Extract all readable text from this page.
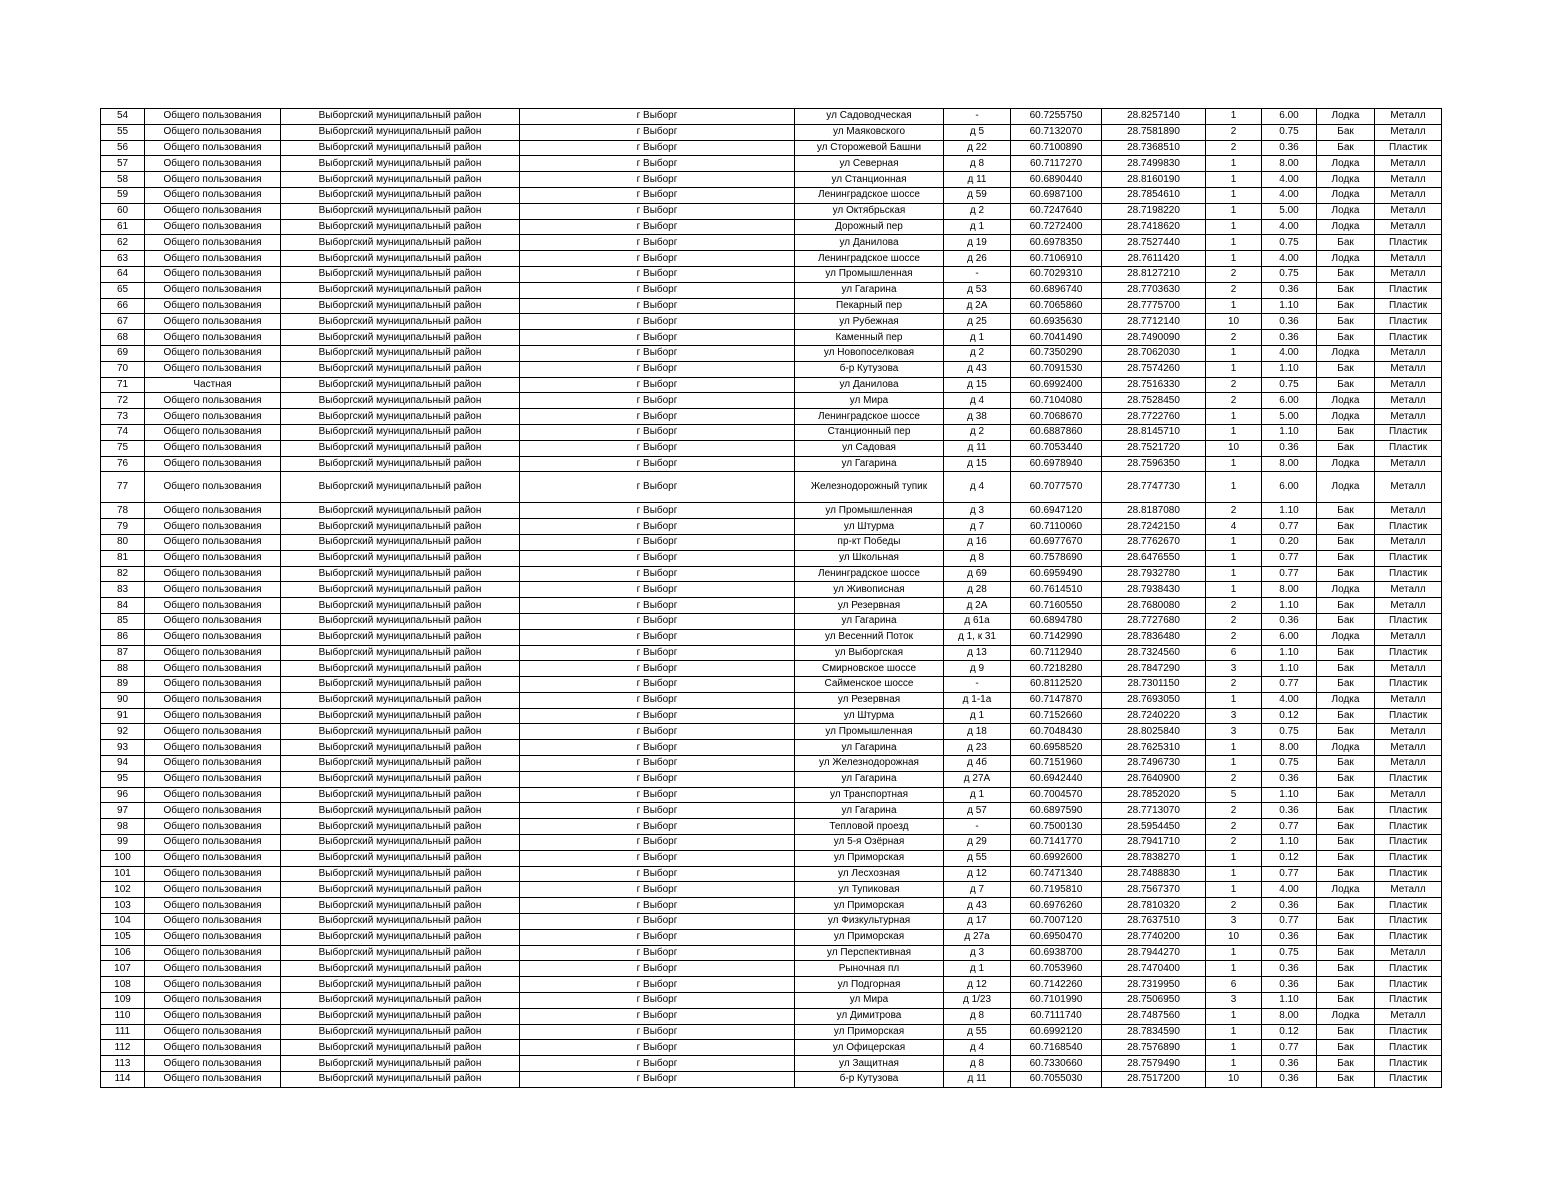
54	Общего пользования	Выборгский муниципальный район	г Выборг	ул Садоводческая	-	60.7255750	28.8257140	1	6.00	Лодка	Металл
55	Общего пользования	Выборгский муниципальный район	г Выборг	ул Маяковского	д 5	60.7132070	28.7581890	2	0.75	Бак	Металл
56	Общего пользования	Выборгский муниципальный район	г Выборг	ул Сторожевой Башни	д 22	60.7100890	28.7368510	2	0.36	Бак	Пластик
57	Общего пользования	Выборгский муниципальный район	г Выборг	ул Северная	д 8	60.7117270	28.7499830	1	8.00	Лодка	Металл
58	Общего пользования	Выборгский муниципальный район	г Выборг	ул Станционная	д 11	60.6890440	28.8160190	1	4.00	Лодка	Металл
59	Общего пользования	Выборгский муниципальный район	г Выборг	Ленинградское шоссе	д 59	60.6987100	28.7854610	1	4.00	Лодка	Металл
60	Общего пользования	Выборгский муниципальный район	г Выборг	ул Октябрьская	д 2	60.7247640	28.7198220	1	5.00	Лодка	Металл
61	Общего пользования	Выборгский муниципальный район	г Выборг	Дорожный пер	д 1	60.7272400	28.7418620	1	4.00	Лодка	Металл
62	Общего пользования	Выборгский муниципальный район	г Выборг	ул Данилова	д 19	60.6978350	28.7527440	1	0.75	Бак	Пластик
63	Общего пользования	Выборгский муниципальный район	г Выборг	Ленинградское шоссе	д 26	60.7106910	28.7611420	1	4.00	Лодка	Металл
64	Общего пользования	Выборгский муниципальный район	г Выборг	ул Промышленная	-	60.7029310	28.8127210	2	0.75	Бак	Металл
65	Общего пользования	Выборгский муниципальный район	г Выборг	ул Гагарина	д 53	60.6896740	28.7703630	2	0.36	Бак	Пластик
66	Общего пользования	Выборгский муниципальный район	г Выборг	Пекарный пер	д 2А	60.7065860	28.7775700	1	1.10	Бак	Пластик
67	Общего пользования	Выборгский муниципальный район	г Выборг	ул Рубежная	д 25	60.6935630	28.7712140	10	0.36	Бак	Пластик
68	Общего пользования	Выборгский муниципальный район	г Выборг	Каменный пер	д 1	60.7041490	28.7490090	2	0.36	Бак	Пластик
69	Общего пользования	Выборгский муниципальный район	г Выборг	ул Новопоселковая	д 2	60.7350290	28.7062030	1	4.00	Лодка	Металл
70	Общего пользования	Выборгский муниципальный район	г Выборг	б-р Кутузова	д 43	60.7091530	28.7574260	1	1.10	Бак	Металл
71	Частная	Выборгский муниципальный район	г Выборг	ул Данилова	д 15	60.6992400	28.7516330	2	0.75	Бак	Металл
72	Общего пользования	Выборгский муниципальный район	г Выборг	ул Мира	д 4	60.7104080	28.7528450	2	6.00	Лодка	Металл
73	Общего пользования	Выборгский муниципальный район	г Выборг	Ленинградское шоссе	д 38	60.7068670	28.7722760	1	5.00	Лодка	Металл
74	Общего пользования	Выборгский муниципальный район	г Выборг	Станционный пер	д 2	60.6887860	28.8145710	1	1.10	Бак	Пластик
75	Общего пользования	Выборгский муниципальный район	г Выборг	ул Садовая	д 11	60.7053440	28.7521720	10	0.36	Бак	Пластик
76	Общего пользования	Выборгский муниципальный район	г Выборг	ул Гагарина	д 15	60.6978940	28.7596350	1	8.00	Лодка	Металл
77	Общего пользования	Выборгский муниципальный район	г Выборг	Железнодорожный тупик	д 4	60.7077570	28.7747730	1	6.00	Лодка	Металл
78	Общего пользования	Выборгский муниципальный район	г Выборг	ул Промышленная	д 3	60.6947120	28.8187080	2	1.10	Бак	Металл
79	Общего пользования	Выборгский муниципальный район	г Выборг	ул Штурма	д 7	60.7110060	28.7242150	4	0.77	Бак	Пластик
80	Общего пользования	Выборгский муниципальный район	г Выборг	пр-кт Победы	д 16	60.6977670	28.7762670	1	0.20	Бак	Металл
81	Общего пользования	Выборгский муниципальный район	г Выборг	ул Школьная	д 8	60.7578690	28.6476550	1	0.77	Бак	Пластик
82	Общего пользования	Выборгский муниципальный район	г Выборг	Ленинградское шоссе	д 69	60.6959490	28.7932780	1	0.77	Бак	Пластик
83	Общего пользования	Выборгский муниципальный район	г Выборг	ул Живописная	д 28	60.7614510	28.7938430	1	8.00	Лодка	Металл
84	Общего пользования	Выборгский муниципальный район	г Выборг	ул Резервная	д 2А	60.7160550	28.7680080	2	1.10	Бак	Металл
85	Общего пользования	Выборгский муниципальный район	г Выборг	ул Гагарина	д 61а	60.6894780	28.7727680	2	0.36	Бак	Пластик
86	Общего пользования	Выборгский муниципальный район	г Выборг	ул Весенний Поток	д 1, к 31	60.7142990	28.7836480	2	6.00	Лодка	Металл
87	Общего пользования	Выборгский муниципальный район	г Выборг	ул Выборгская	д 13	60.7112940	28.7324560	6	1.10	Бак	Пластик
88	Общего пользования	Выборгский муниципальный район	г Выборг	Смирновское шоссе	д 9	60.7218280	28.7847290	3	1.10	Бак	Металл
89	Общего пользования	Выборгский муниципальный район	г Выборг	Сайменское шоссе	-	60.8112520	28.7301150	2	0.77	Бак	Пластик
90	Общего пользования	Выборгский муниципальный район	г Выборг	ул Резервная	д 1-1а	60.7147870	28.7693050	1	4.00	Лодка	Металл
91	Общего пользования	Выборгский муниципальный район	г Выборг	ул Штурма	д 1	60.7152660	28.7240220	3	0.12	Бак	Пластик
92	Общего пользования	Выборгский муниципальный район	г Выборг	ул Промышленная	д 18	60.7048430	28.8025840	3	0.75	Бак	Металл
93	Общего пользования	Выборгский муниципальный район	г Выборг	ул Гагарина	д 23	60.6958520	28.7625310	1	8.00	Лодка	Металл
94	Общего пользования	Выборгский муниципальный район	г Выборг	ул Железнодорожная	д 4б	60.7151960	28.7496730	1	0.75	Бак	Металл
95	Общего пользования	Выборгский муниципальный район	г Выборг	ул Гагарина	д 27А	60.6942440	28.7640900	2	0.36	Бак	Пластик
96	Общего пользования	Выборгский муниципальный район	г Выборг	ул Транспортная	д 1	60.7004570	28.7852020	5	1.10	Бак	Металл
97	Общего пользования	Выборгский муниципальный район	г Выборг	ул Гагарина	д 57	60.6897590	28.7713070	2	0.36	Бак	Пластик
98	Общего пользования	Выборгский муниципальный район	г Выборг	Тепловой проезд	-	60.7500130	28.5954450	2	0.77	Бак	Пластик
99	Общего пользования	Выборгский муниципальный район	г Выборг	ул 5-я Озёрная	д 29	60.7141770	28.7941710	2	1.10	Бак	Пластик
100	Общего пользования	Выборгский муниципальный район	г Выборг	ул Приморская	д 55	60.6992600	28.7838270	1	0.12	Бак	Пластик
101	Общего пользования	Выборгский муниципальный район	г Выборг	ул Лесхозная	д 12	60.7471340	28.7488830	1	0.77	Бак	Пластик
102	Общего пользования	Выборгский муниципальный район	г Выборг	ул Тупиковая	д 7	60.7195810	28.7567370	1	4.00	Лодка	Металл
103	Общего пользования	Выборгский муниципальный район	г Выборг	ул Приморская	д 43	60.6976260	28.7810320	2	0.36	Бак	Пластик
104	Общего пользования	Выборгский муниципальный район	г Выборг	ул Физкультурная	д 17	60.7007120	28.7637510	3	0.77	Бак	Пластик
105	Общего пользования	Выборгский муниципальный район	г Выборг	ул Приморская	д 27а	60.6950470	28.7740200	10	0.36	Бак	Пластик
106	Общего пользования	Выборгский муниципальный район	г Выборг	ул Перспективная	д 3	60.6938700	28.7944270	1	0.75	Бак	Металл
107	Общего пользования	Выборгский муниципальный район	г Выборг	Рыночная пл	д 1	60.7053960	28.7470400	1	0.36	Бак	Пластик
108	Общего пользования	Выборгский муниципальный район	г Выборг	ул Подгорная	д 12	60.7142260	28.7319950	6	0.36	Бак	Пластик
109	Общего пользования	Выборгский муниципальный район	г Выборг	ул Мира	д 1/23	60.7101990	28.7506950	3	1.10	Бак	Пластик
110	Общего пользования	Выборгский муниципальный район	г Выборг	ул Димитрова	д 8	60.7111740	28.7487560	1	8.00	Лодка	Металл
111	Общего пользования	Выборгский муниципальный район	г Выборг	ул Приморская	д 55	60.6992120	28.7834590	1	0.12	Бак	Пластик
112	Общего пользования	Выборгский муниципальный район	г Выборг	ул Офицерская	д 4	60.7168540	28.7576890	1	0.77	Бак	Пластик
113	Общего пользования	Выборгский муниципальный район	г Выборг	ул Защитная	д 8	60.7330660	28.7579490	1	0.36	Бак	Пластик
114	Общего пользования	Выборгский муниципальный район	г Выборг	б-р Кутузова	д 11	60.7055030	28.7517200	10	0.36	Бак	Пластик
